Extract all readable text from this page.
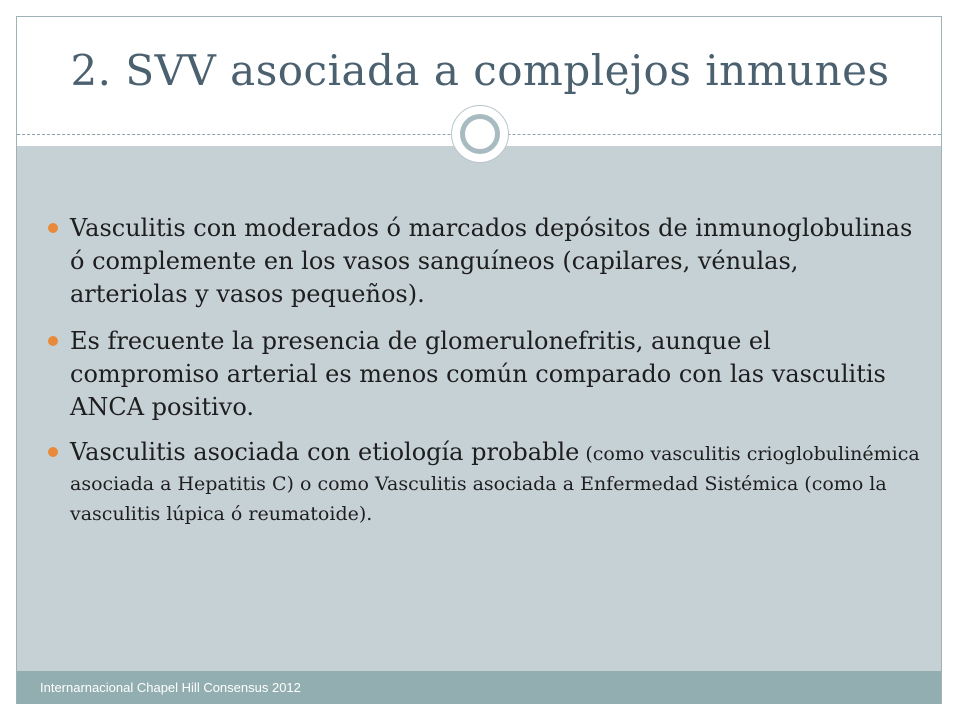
2. SVV asociada a complejos inmunes
Vasculitis con moderados ó marcados depósitos de inmunoglobulinas ó complemente en los vasos sanguíneos (capilares, vénulas, arteriolas y vasos pequeños).
Es frecuente la presencia de glomerulonefritis, aunque el compromiso arterial es menos común comparado con las vasculitis ANCA positivo.
Vasculitis asociada con etiología probable (como vasculitis crioglobulinémica asociada a Hepatitis C) o como Vasculitis asociada a Enfermedad Sistémica (como la vasculitis lúpica ó reumatoide).
Internarnacional Chapel Hill Consensus 2012
